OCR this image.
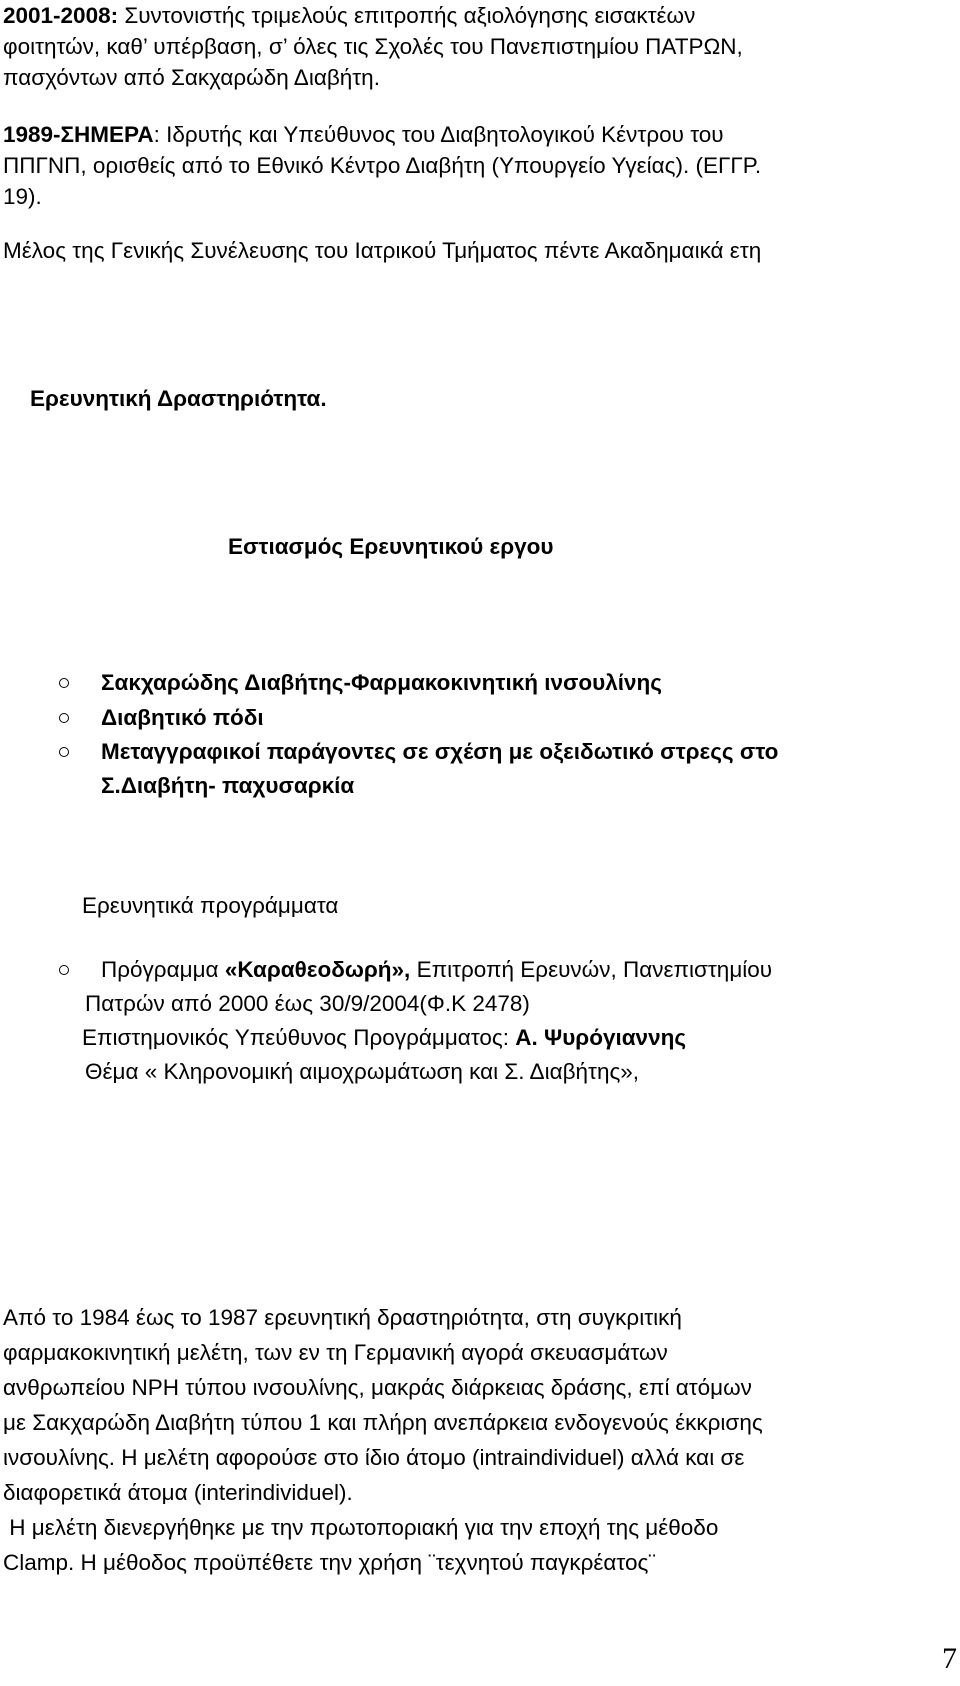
2001-2008: Συντονιστής τριμελούς επιτροπής αξιολόγησης εισακτέων
φοιτητών, καθ’ υπέρβαση, σ’ όλες τις Σχολές του Πανεπιστημίου ΠΑΤΡΩΝ,
πασχόντων από Σακχαρώδη Διαβήτη.
1989-ΣΗΜΕΡΑ: Ιδρυτής και Υπεύθυνος του Διαβητολογικού Κέντρου του
ΠΠΓΝΠ, ορισθείς από το Εθνικό Κέντρο Διαβήτη (Υπουργείο Υγείας). (ΕΓΓΡ.
19).
Μέλος της Γενικής Συνέλευσης του Ιατρικού Τμήματος πέντε Ακαδημαικά ετη
Ερευνητική Δραστηριότητα.
Εστιασμός Ερευνητικού εργου
Σακχαρώδης Διαβήτης-Φαρμακοκινητική ινσουλίνης
Διαβητικό πόδι
Μεταγγραφικοί παράγοντες σε σχέση με οξειδωτικό στρεςς στο
Σ.Διαβήτη- παχυσαρκία
Ερευνητικά προγράμματα
Πρόγραμμα «Καραθεοδωρή», Επιτροπή Ερευνών, Πανεπιστημίου
Πατρών από 2000 έως 30/9/2004(Φ.Κ 2478)
Επιστημονικός Υπεύθυνος Προγράμματος: Α. Ψυρόγιαννης
Θέμα « Κληρονομική αιμοχρωμάτωση και Σ. Διαβήτης»,
Από το 1984 έως το 1987 ερευνητική δραστηριότητα, στη συγκριτική
φαρμακοκινητική μελέτη, των εν τη Γερμανική αγορά σκευασμάτων
ανθρωπείου NPH τύπου ινσουλίνης, μακράς διάρκειας δράσης, επί ατόμων
με Σακχαρώδη Διαβήτη τύπου 1 και πλήρη ανεπάρκεια ενδογενούς έκκρισης
ινσουλίνης. Η μελέτη αφορούσε στο ίδιο άτομο (intraindividuel) αλλά και σε
διαφορετικά άτομα (interindividuel).
Η μελέτη διενεργήθηκε με την πρωτοποριακή για την εποχή της μέθοδο
Clamp. Η μέθοδος προϋπέθετε την χρήση ¨τεχνητού παγκρέατος¨
7
